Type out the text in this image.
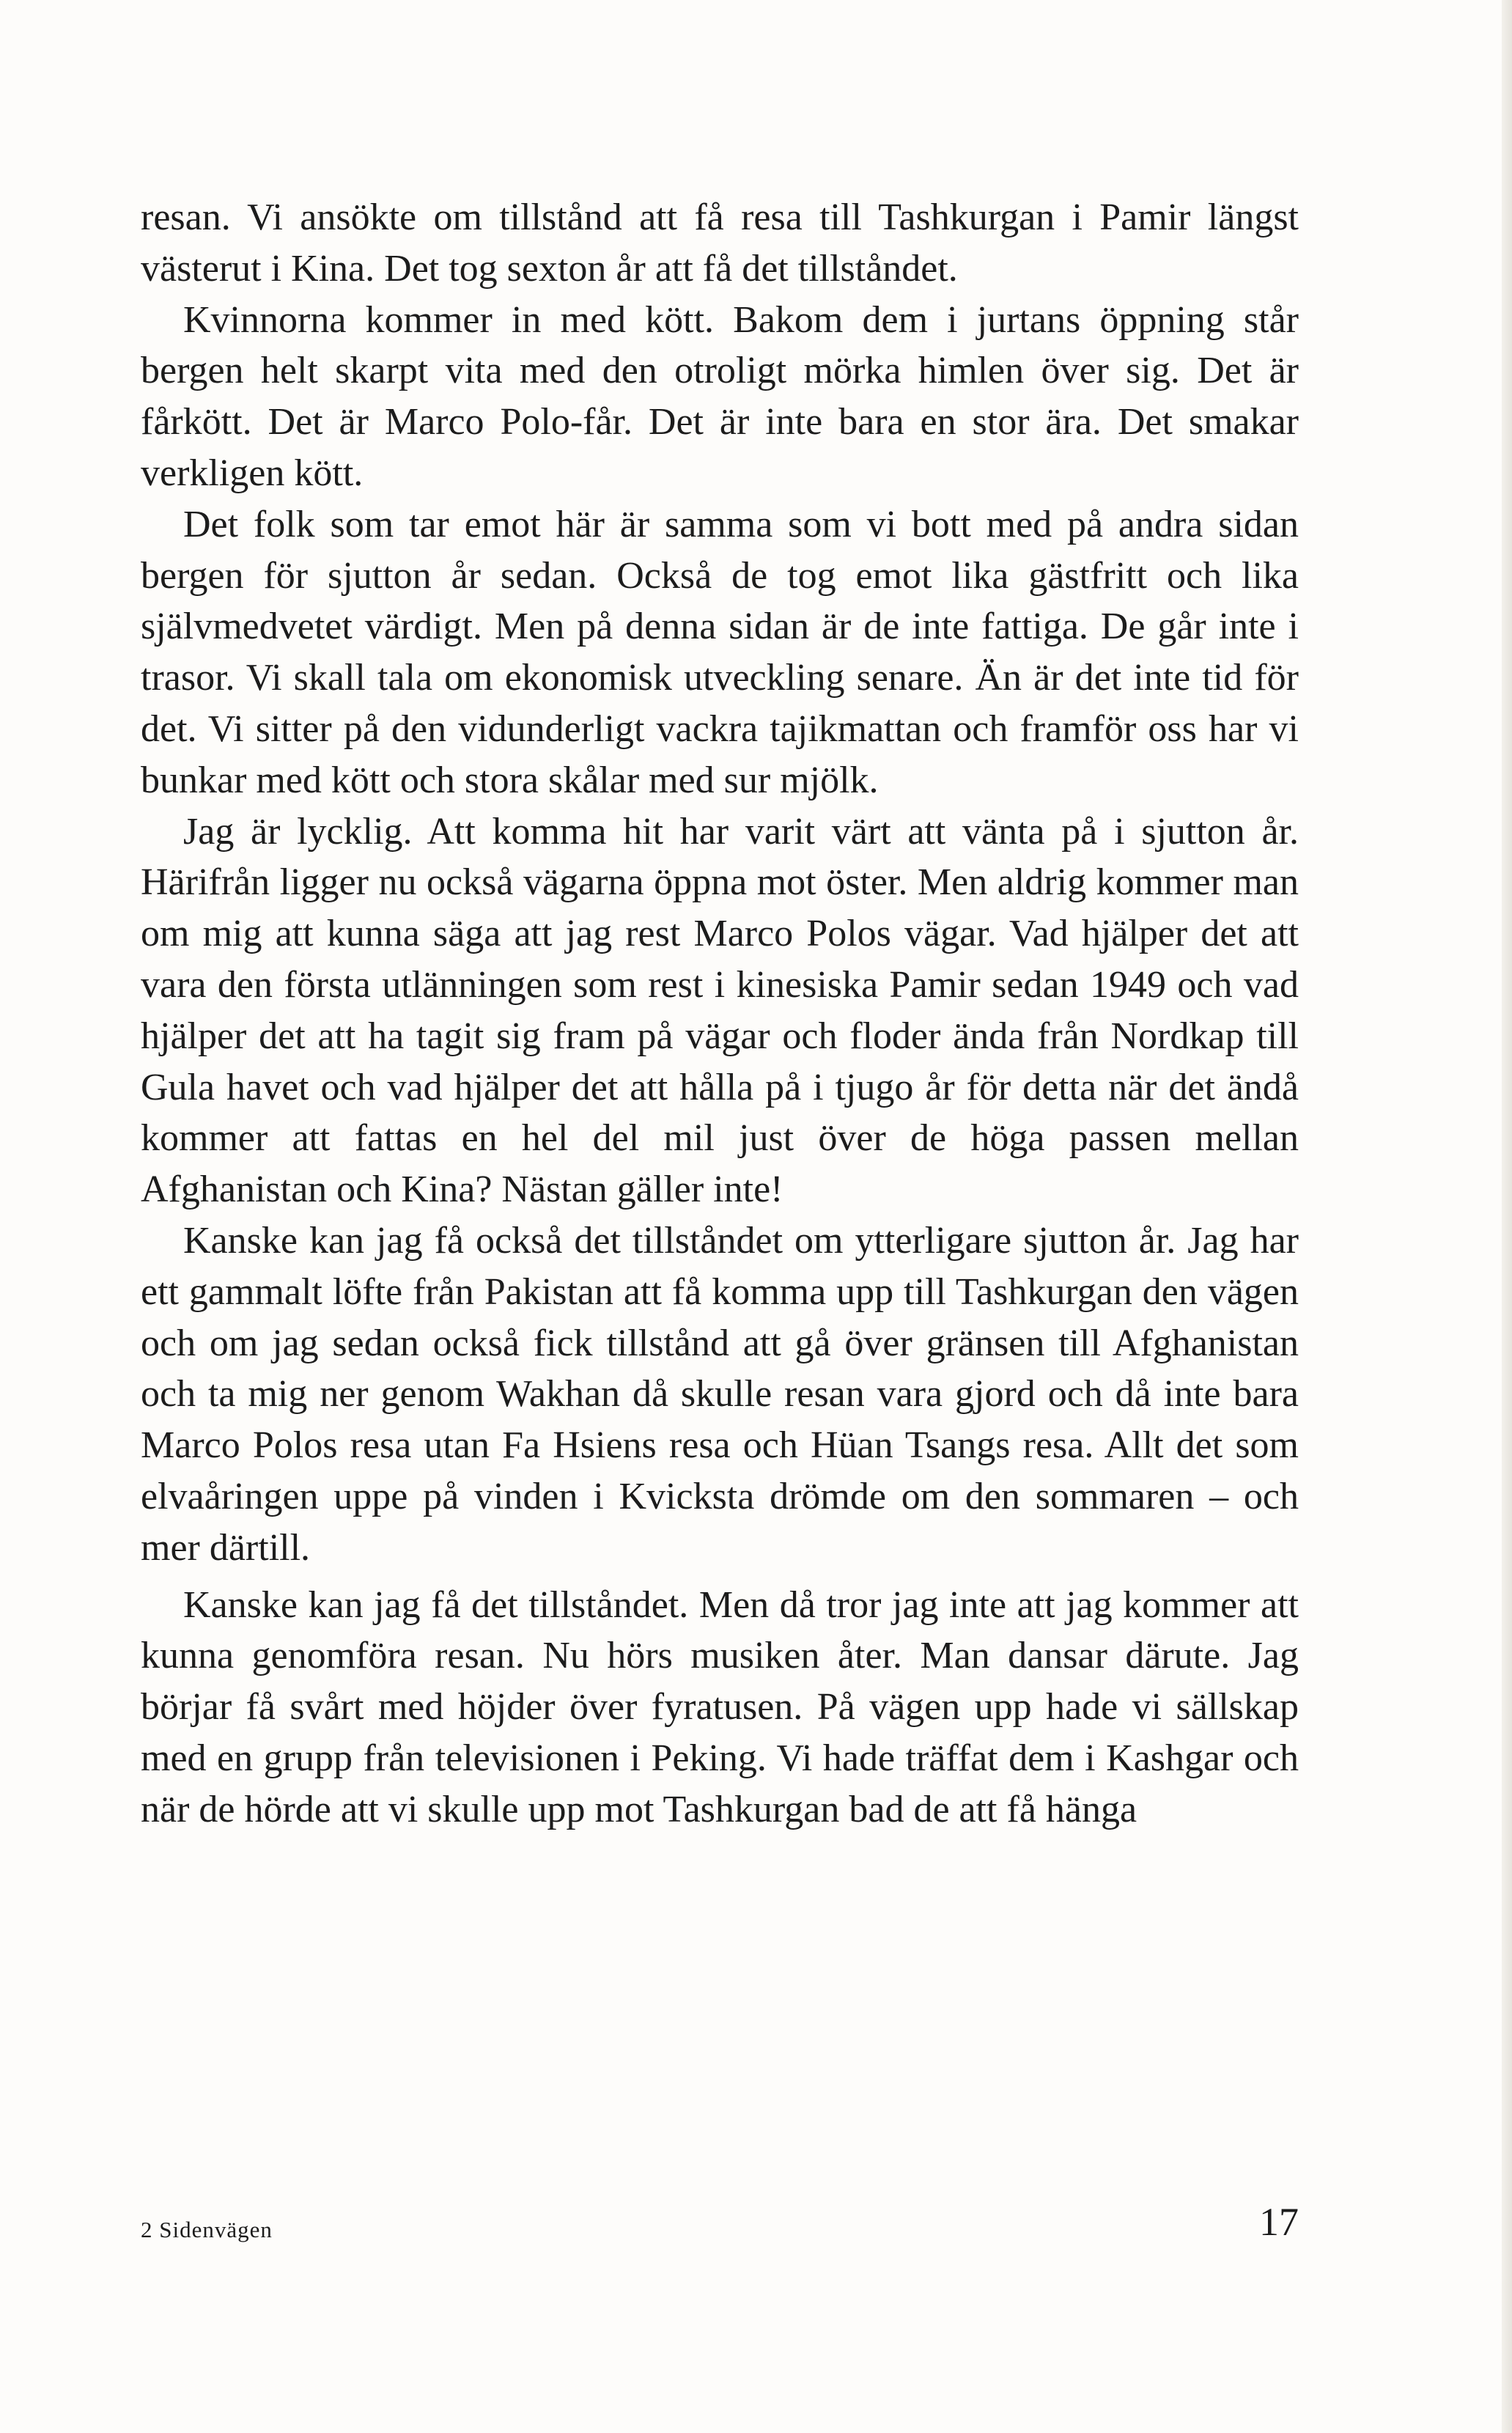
resan. Vi ansökte om tillstånd att få resa till Tashkurgan i Pamir längst västerut i Kina. Det tog sexton år att få det tillståndet.

Kvinnorna kommer in med kött. Bakom dem i jurtans öppning står bergen helt skarpt vita med den otroligt mörka himlen över sig. Det är fårkött. Det är Marco Polo-får. Det är inte bara en stor ära. Det smakar verkligen kött.

Det folk som tar emot här är samma som vi bott med på andra sidan bergen för sjutton år sedan. Också de tog emot lika gästfritt och lika självmedvetet värdigt. Men på denna sidan är de inte fattiga. De går inte i trasor. Vi skall tala om ekonomisk utveckling senare. Än är det inte tid för det. Vi sitter på den vidunderligt vackra tajikmattan och framför oss har vi bunkar med kött och stora skålar med sur mjölk.

Jag är lycklig. Att komma hit har varit värt att vänta på i sjutton år. Härifrån ligger nu också vägarna öppna mot öster. Men aldrig kommer man om mig att kunna säga att jag rest Marco Polos vägar. Vad hjälper det att vara den första utlänningen som rest i kinesiska Pamir sedan 1949 och vad hjälper det att ha tagit sig fram på vägar och floder ända från Nordkap till Gula havet och vad hjälper det att hålla på i tjugo år för detta när det ändå kommer att fattas en hel del mil just över de höga passen mellan Afghanistan och Kina? Nästan gäller inte!

Kanske kan jag få också det tillståndet om ytterligare sjutton år. Jag har ett gammalt löfte från Pakistan att få komma upp till Tashkurgan den vägen och om jag sedan också fick tillstånd att gå över gränsen till Afghanistan och ta mig ner genom Wakhan då skulle resan vara gjord och då inte bara Marco Polos resa utan Fa Hsiens resa och Hüan Tsangs resa. Allt det som elvaåringen uppe på vinden i Kvicksta drömde om den sommaren – och mer därtill.

Kanske kan jag få det tillståndet. Men då tror jag inte att jag kommer att kunna genomföra resan. Nu hörs musiken åter. Man dansar därute. Jag börjar få svårt med höjder över fyratusen. På vägen upp hade vi sällskap med en grupp från televisionen i Peking. Vi hade träffat dem i Kashgar och när de hörde att vi skulle upp mot Tashkurgan bad de att få hänga

2 Sidenvägen	17
